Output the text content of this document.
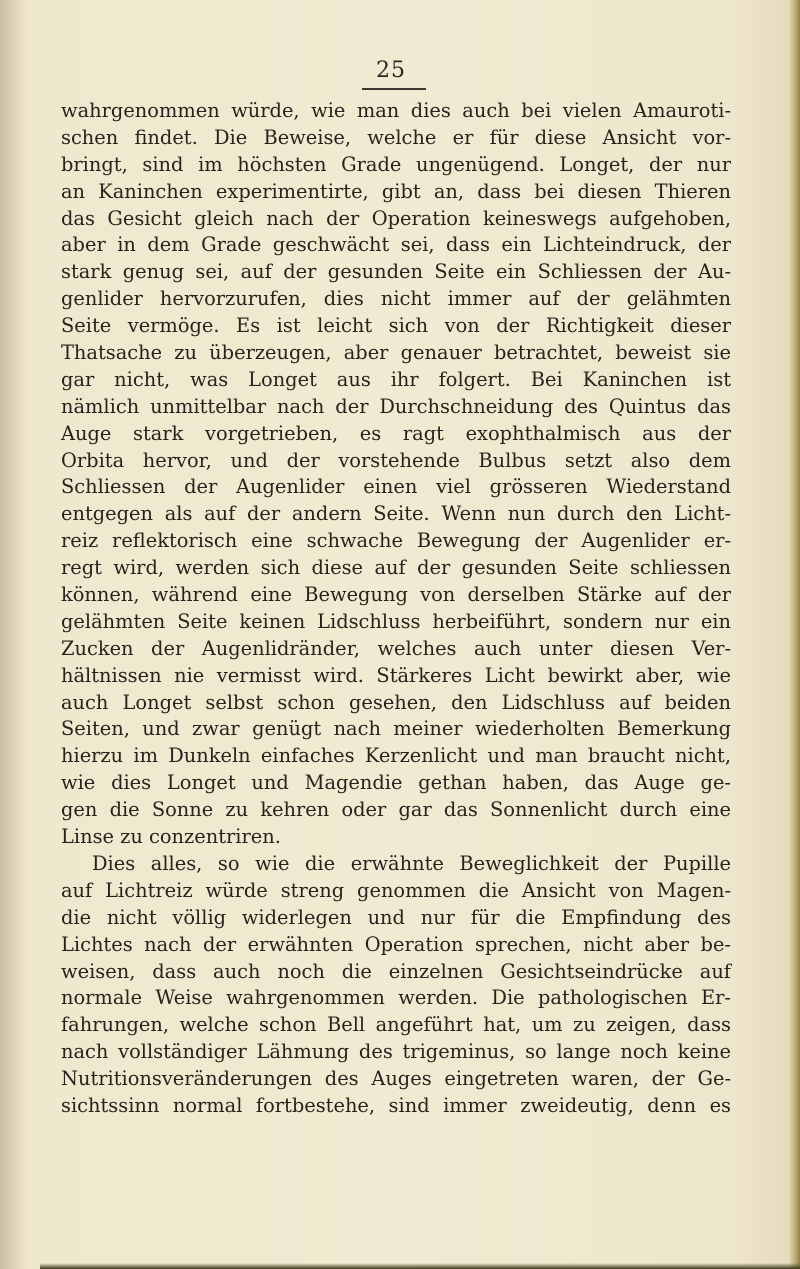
25
wahrgenommen würde, wie man dies auch bei vielen Amauroti-
schen findet. Die Beweise, welche er für diese Ansicht vor-
bringt, sind im höchsten Grade ungenügend. Longet, der nur
an Kaninchen experimentirte, gibt an, dass bei diesen Thieren
das Gesicht gleich nach der Operation keineswegs aufgehoben,
aber in dem Grade geschwächt sei, dass ein Lichteindruck, der
stark genug sei, auf der gesunden Seite ein Schliessen der Au-
genlider hervorzurufen, dies nicht immer auf der gelähmten
Seite vermöge. Es ist leicht sich von der Richtigkeit dieser
Thatsache zu überzeugen, aber genauer betrachtet, beweist sie
gar nicht, was Longet aus ihr folgert. Bei Kaninchen ist
nämlich unmittelbar nach der Durchschneidung des Quintus das
Auge stark vorgetrieben, es ragt exophthalmisch aus der
Orbita hervor, und der vorstehende Bulbus setzt also dem
Schliessen der Augenlider einen viel grösseren Wiederstand
entgegen als auf der andern Seite. Wenn nun durch den Licht-
reiz reflektorisch eine schwache Bewegung der Augenlider er-
regt wird, werden sich diese auf der gesunden Seite schliessen
können, während eine Bewegung von derselben Stärke auf der
gelähmten Seite keinen Lidschluss herbeiführt, sondern nur ein
Zucken der Augenlidränder, welches auch unter diesen Ver-
hältnissen nie vermisst wird. Stärkeres Licht bewirkt aber, wie
auch Longet selbst schon gesehen, den Lidschluss auf beiden
Seiten, und zwar genügt nach meiner wiederholten Bemerkung
hierzu im Dunkeln einfaches Kerzenlicht und man braucht nicht,
wie dies Longet und Magendie gethan haben, das Auge ge-
gen die Sonne zu kehren oder gar das Sonnenlicht durch eine
Linse zu conzentriren.
Dies alles, so wie die erwähnte Beweglichkeit der Pupille
auf Lichtreiz würde streng genommen die Ansicht von Magen-
die nicht völlig widerlegen und nur für die Empfindung des
Lichtes nach der erwähnten Operation sprechen, nicht aber be-
weisen, dass auch noch die einzelnen Gesichtseindrücke auf
normale Weise wahrgenommen werden. Die pathologischen Er-
fahrungen, welche schon Bell angeführt hat, um zu zeigen, dass
nach vollständiger Lähmung des trigeminus, so lange noch keine
Nutritionsveränderungen des Auges eingetreten waren, der Ge-
sichtssinn normal fortbestehe, sind immer zweideutig, denn es
